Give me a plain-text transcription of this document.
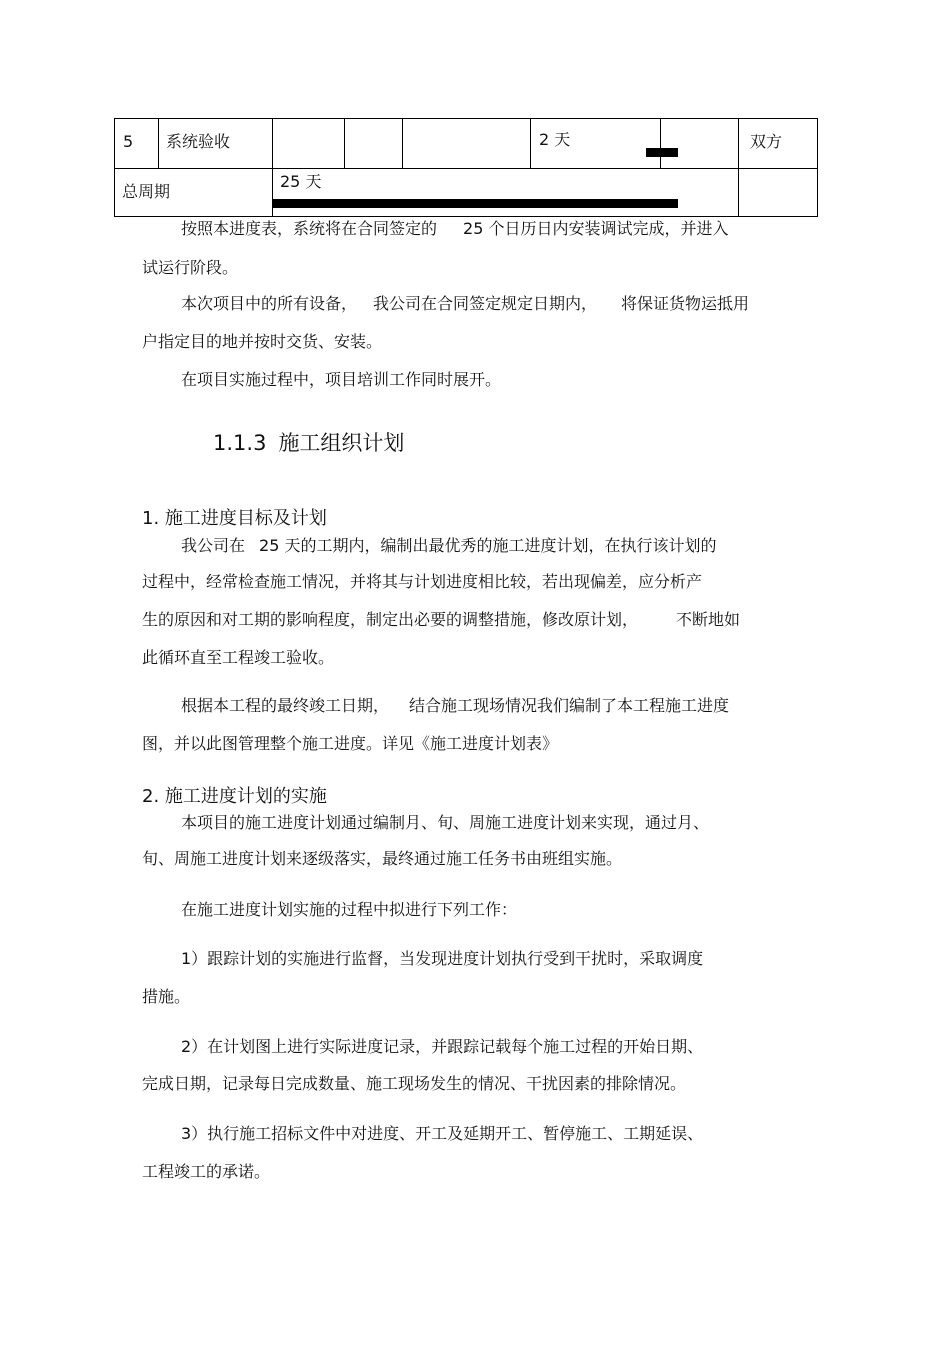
5 系统验收	2 天	双方
总周期
25 天
按照本进度表，系统将在合同签定的 25 个日历日内安装调试完成，并进入
试运行阶段。
本次项目中的所有设备， 我公司在合同签定规定日期内， 将保证货物运抵用
户指定目的地并按时交货、安装。
在项目实施过程中，项目培训工作同时展开。
1.1.3 施工组织计划
1. 施工进度目标及计划
我公司在 25 天的工期内，编制出最优秀的施工进度计划，在执行该计划的
过程中，经常检查施工情况，并将其与计划进度相比较，若出现偏差，应分析产
生的原因和对工期的影响程度，制定出必要的调整措施，修改原计划， 不断地如
此循环直至工程竣工验收。
根据本工程的最终竣工日期， 结合施工现场情况我们编制了本工程施工进度
图，并以此图管理整个施工进度。详见《施工进度计划表》
2. 施工进度计划的实施
本项目的施工进度计划通过编制月、旬、周施工进度计划来实现，通过月、
旬、周施工进度计划来逐级落实，最终通过施工任务书由班组实施。
在施工进度计划实施的过程中拟进行下列工作：
1）跟踪计划的实施进行监督，当发现进度计划执行受到干扰时，采取调度
措施。
2）在计划图上进行实际进度记录，并跟踪记载每个施工过程的开始日期、
完成日期，记录每日完成数量、施工现场发生的情况、干扰因素的排除情况。
3）执行施工招标文件中对进度、开工及延期开工、暂停施工、工期延误、
工程竣工的承诺。
